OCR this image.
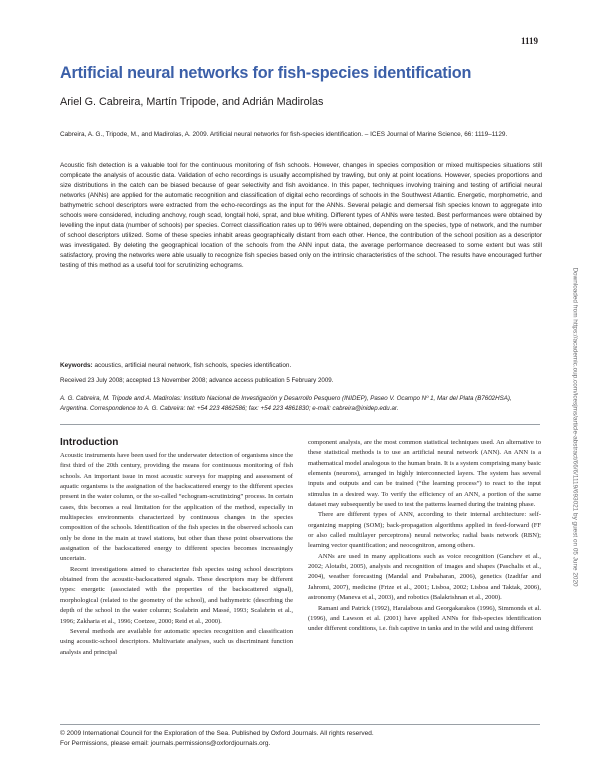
1119
Artificial neural networks for fish-species identification
Ariel G. Cabreira, Martín Tripode, and Adrián Madirolas
Cabreira, A. G., Tripode, M., and Madirolas, A. 2009. Artificial neural networks for fish-species identification. – ICES Journal of Marine Science, 66: 1119–1129.

Acoustic fish detection is a valuable tool for the continuous monitoring of fish schools. However, changes in species composition or mixed multispecies situations still complicate the analysis of acoustic data. Validation of echo recordings is usually accomplished by trawling, but only at point locations. However, species proportions and size distributions in the catch can be biased because of gear selectivity and fish avoidance. In this paper, techniques involving training and testing of artificial neural networks (ANNs) are applied for the automatic recognition and classification of digital echo recordings of schools in the Southwest Atlantic. Energetic, morphometric, and bathymetric school descriptors were extracted from the echo-recordings as the input for the ANNs. Several pelagic and demersal fish species known to aggregate into schools were considered, including anchovy, rough scad, longtail hoki, sprat, and blue whiting. Different types of ANNs were tested. Best performances were obtained by levelling the input data (number of schools) per species. Correct classification rates up to 96% were obtained, depending on the species, type of network, and the number of school descriptors utilized. Some of these species inhabit areas geographically distant from each other. Hence, the contribution of the school position as a descriptor was investigated. By deleting the geographical location of the schools from the ANN input data, the average performance decreased to some extent but was still satisfactory, proving the networks were able usually to recognize fish species based only on the intrinsic characteristics of the school. The results have encouraged further testing of this method as a useful tool for scrutinizing echograms.

Keywords: acoustics, artificial neural network, fish schools, species identification.
Received 23 July 2008; accepted 13 November 2008; advance access publication 5 February 2009.
A. G. Cabreira, M. Tripode and A. Madirolas: Instituto Nacional de Investigación y Desarrollo Pesquero (INIDEP), Paseo V. Ocampo Nº 1, Mar del Plata (B7602HSA), Argentina. Correspondence to A. G. Cabreira: tel: +54 223 4862586; fax: +54 223 4861830; e-mail: cabreira@inidep.edu.ar.
Introduction

Acoustic instruments have been used for the underwater detection of organisms since the first third of the 20th century, providing the means for continuous monitoring of fish schools. An important issue in most acoustic surveys for mapping and assessment of aquatic organisms is the assignation of the backscattered energy to the different species present in the water column, or the so-called “echogram-scrutinizing” process. In certain cases, this becomes a real limitation for the application of the method, especially in multispecies environments characterized by continuous changes in the species composition of the schools. Identification of the fish species in the observed schools can only be done in the main at trawl stations, but other than these point observations the assignation of the backscattered energy to different species becomes increasingly uncertain.

Recent investigations aimed to characterize fish species using school descriptors obtained from the acoustic-backscattered signals. These descriptors may be different types: energetic (associated with the properties of the backscattered signal), morphological (related to the geometry of the school), and bathymetric (describing the depth of the school in the water column; Scalabrin and Massé, 1993; Scalabrin et al., 1996; Zakharia et al., 1996; Coetzee, 2000; Reid et al., 2000).

Several methods are available for automatic species recognition and classification using acoustic-school descriptors. Multivariate analyses, such us discriminant function analysis and principal

component analysis, are the most common statistical techniques used. An alternative to these statistical methods is to use an artificial neural network (ANN). An ANN is a mathematical model analogous to the human brain. It is a system comprising many basic elements (neurons), arranged in highly interconnected layers. The system has several inputs and outputs and can be trained (“the learning process”) to react to the input stimulus in a desired way. To verify the efficiency of an ANN, a portion of the same dataset may subsequently be used to test the patterns learned during the training phase.

There are different types of ANN, according to their internal architecture: self-organizing mapping (SOM); back-propagation algorithms applied in feed-forward (FF or also called multilayer perceptrons) neural networks; radial basis network (RBN); learning vector quantification; and neocognitron, among others.

ANNs are used in many applications such as voice recognition (Ganchev et al., 2002; Alotaibi, 2005), analysis and recognition of images and shapes (Paschalis et al., 2004), weather forecasting (Mandal and Prabaharan, 2006), genetics (Izadifar and Jahromi, 2007), medicine (Frize et al., 2001; Lisboa, 2002; Lisboa and Taktak, 2006), astronomy (Maneva et al., 2003), and robotics (Balakrishnan et al., 2000).

Ramani and Patrick (1992), Haralabous and Georgakarakos (1996), Simmonds et al. (1996), and Lawson et al. (2001) have applied ANNs for fish-species identification under different conditions, i.e. fish captive in tanks and in the wild and using different

© 2009 International Council for the Exploration of the Sea. Published by Oxford Journals. All rights reserved.
For Permissions, please email: journals.permissions@oxfordjournals.org.
Downloaded from https://academic.oup.com/icesjms/article-abstract/66/6/1119/693021 by guest on 05 June 2020
